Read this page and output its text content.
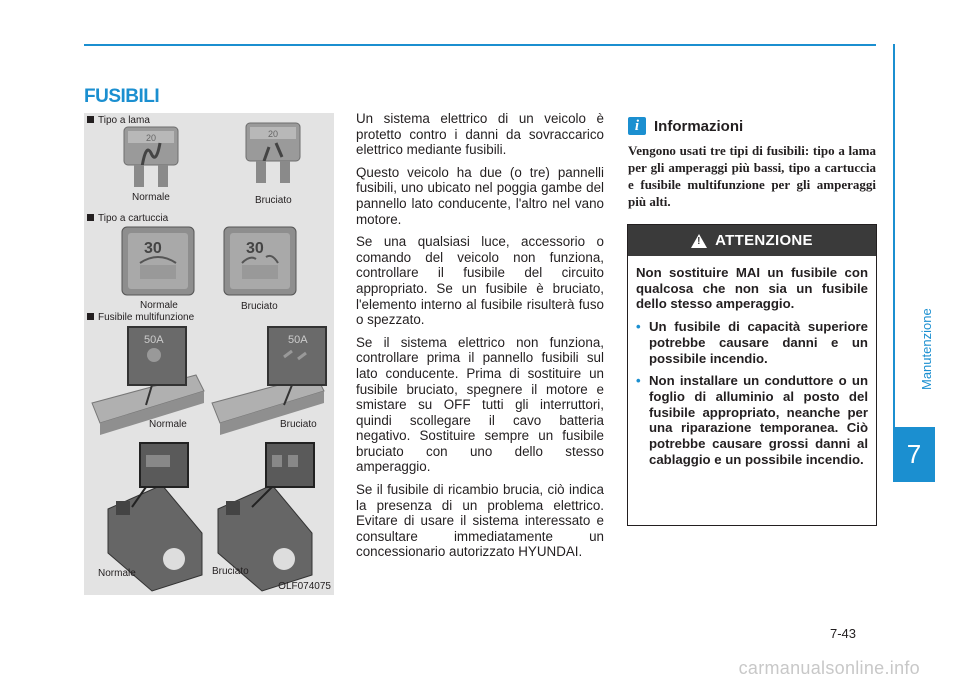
FUSIBILI
20	20
30	30
50A	50A
Tipo a lama
Normale	Bruciato
Tipo a cartuccia
Normale	Bruciato
Fusibile multifunzione
Normale	Bruciato
Normale	Bruciato
OLF074075

Un sistema elettrico di un veicolo è protetto contro i danni da sovraccarico elettrico mediante fusibili.

Questo veicolo ha due (o tre) pannelli fusibili, uno ubicato nel poggia gambe del pannello lato conducente, l'altro nel vano motore.

Se una qualsiasi luce, accessorio o comando del veicolo non funziona, controllare il fusibile del circuito appropriato. Se un fusibile è bruciato, l'elemento interno al fusibile risulterà fuso o spezzato.

Se il sistema elettrico non funziona, controllare prima il pannello fusibili sul lato conducente. Prima di sostituire un fusibile bruciato, spegnere il motore e smistare su OFF tutti gli interruttori, quindi scollegare il cavo batteria negativo. Sostituire sempre un fusibile bruciato con uno dello stesso amperaggio.

Se il fusibile di ricambio brucia, ciò indica la presenza di un problema elettrico. Evitare di usare il sistema interessato e consultare immediatamente un concessionario autorizzato HYUNDAI.

i Informazioni
Vengono usati tre tipi di fusibili: tipo a lama per gli amperaggi più bassi, tipo a cartuccia e fusibile multifunzione per gli amperaggi più alti.
!
ATTENZIONE

Non sostituire MAI un fusibile con qualcosa che non sia un fusibile dello stesso amperaggio.

• Un fusibile di capacità superiore potrebbe causare danni e un possibile incendio.
• Non installare un conduttore o un foglio di alluminio al posto del fusibile appropriato, neanche per una riparazione temporanea. Ciò potrebbe causare grossi danni al cablaggio e un possibile incendio.
Manutenzione
7
7-43
carmanualsonline.info
